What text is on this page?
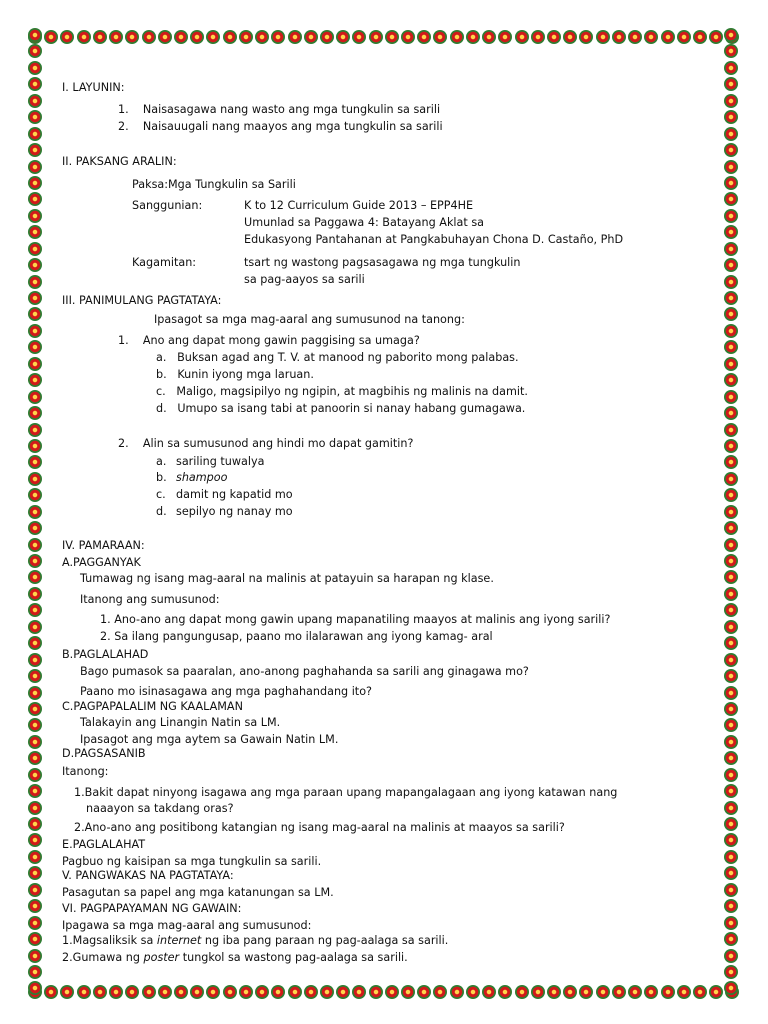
I. LAYUNIN:
1.    Naisasagawa nang wasto ang mga tungkulin sa sarili
2.    Naisauugali nang maayos ang mga tungkulin sa sarili
II. PAKSANG ARALIN:
Paksa:Mga Tungkulin sa Sarili
Sanggunian:	K to 12 Curriculum Guide 2013 – EPP4HE
Umunlad sa Paggawa 4: Batayang Aklat sa
Edukasyong Pantahanan at Pangkabuhayan Chona D. Castaño, PhD
Kagamitan:	tsart ng wastong pagsasagawa ng mga tungkulin
sa pag-aayos sa sarili
III. PANIMULANG PAGTATAYA:
Ipasagot sa mga mag-aaral ang sumusunod na tanong:
1.    Ano ang dapat mong gawin paggising sa umaga?
a.   Buksan agad ang T. V. at manood ng paborito mong palabas.
b.   Kunin iyong mga laruan.
c.   Maligo, magsipilyo ng ngipin, at magbihis ng malinis na damit.
d.   Umupo sa isang tabi at panoorin si nanay habang gumagawa.
2.    Alin sa sumusunod ang hindi mo dapat gamitin?
a. sariling tuwalya
b. shampoo
c. damit ng kapatid mo
d. sepilyo ng nanay mo
IV. PAMARAAN:
A.PAGGANYAK
Tumawag ng isang mag-aaral na malinis at patayuin sa harapan ng klase.
Itanong ang sumusunod:
1. Ano-ano ang dapat mong gawin upang mapanatiling maayos at malinis ang iyong sarili?
2. Sa ilang pangungusap, paano mo ilalarawan ang iyong kamag- aral
B.PAGLALAHAD
Bago pumasok sa paaralan, ano-anong paghahanda sa sarili ang ginagawa mo?
Paano mo isinasagawa ang mga paghahandang ito?
C.PAGPAPALALIM NG KAALAMAN
Talakayin ang Linangin Natin sa LM.
Ipasagot ang mga aytem sa Gawain Natin LM.
D.PAGSASANIB
Itanong:
1.Bakit dapat ninyong isagawa ang mga paraan upang mapangalagaan ang iyong katawan nang
naaayon sa takdang oras?
2.Ano-ano ang positibong katangian ng isang mag-aaral na malinis at maayos sa sarili?
E.PAGLALAHAT
Pagbuo ng kaisipan sa mga tungkulin sa sarili.
V. PANGWAKAS NA PAGTATAYA:
Pasagutan sa papel ang mga katanungan sa LM.
VI. PAGPAPAYAMAN NG GAWAIN:
Ipagawa sa mga mag-aaral ang sumusunod:
1.Magsaliksik sa internet ng iba pang paraan ng pag-aalaga sa sarili.
2.Gumawa ng poster tungkol sa wastong pag-aalaga sa sarili.
